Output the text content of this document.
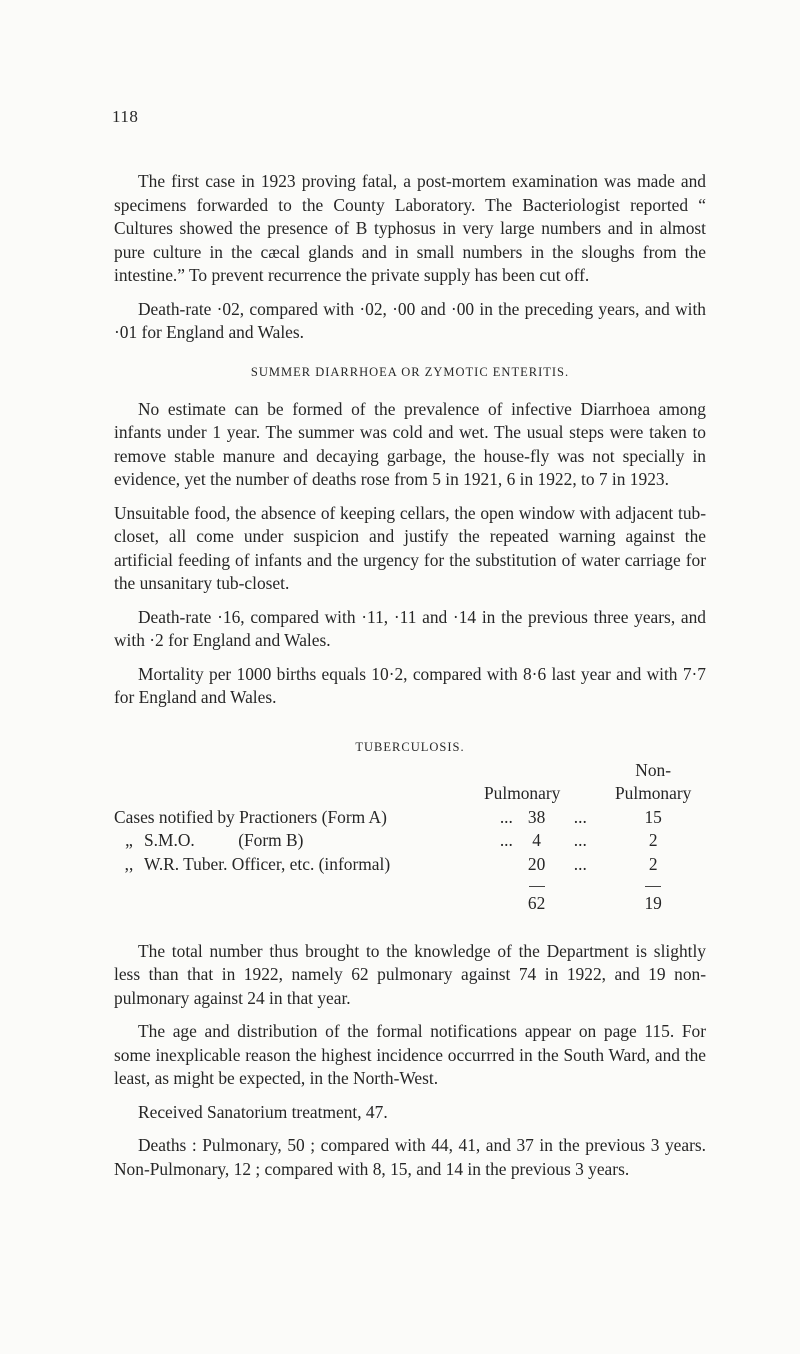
118

The first case in 1923 proving fatal, a post-mortem examination was made and specimens forwarded to the County Laboratory. The Bacteriologist reported “ Cultures showed the presence of B typhosus in very large numbers and in almost pure culture in the cæcal glands and in small numbers in the sloughs from the intestine.” To prevent recurrence the private supply has been cut off.

Death-rate ·02, compared with ·02, ·00 and ·00 in the preceding years, and with ·01 for England and Wales.

SUMMER DIARRHOEA OR ZYMOTIC ENTERITIS.

No estimate can be formed of the prevalence of infective Diarrhoea among infants under 1 year. The summer was cold and wet. The usual steps were taken to remove stable manure and decaying garbage, the house-fly was not specially in evidence, yet the number of deaths rose from 5 in 1921, 6 in 1922, to 7 in 1923.

Unsuitable food, the absence of keeping cellars, the open window with adjacent tub-closet, all come under suspicion and justify the repeated warning against the artificial feeding of infants and the urgency for the substitution of water carriage for the unsanitary tub-closet.

Death-rate ·16, compared with ·11, ·11 and ·14 in the previous three years, and with ·2 for England and Wales.

Mortality per 1000 births equals 10·2, compared with 8·6 last year and with 7·7 for England and Wales.

TUBERCULOSIS.
				Non-
	Pulmonary			Pulmonary
Cases notified by Practioners (Form A)	...	38	...	15
„ S.M.O.          (Form B)	...	4	...	2
,, W.R. Tuber. Officer, etc. (informal)		20	...	2

		62		19

The total number thus brought to the knowledge of the Department is slightly less than that in 1922, namely 62 pulmonary against 74 in 1922, and 19 non-pulmonary against 24 in that year.

The age and distribution of the formal notifications appear on page 115. For some inexplicable reason the highest incidence occurrred in the South Ward, and the least, as might be expected, in the North-West.

Received Sanatorium treatment, 47.

Deaths : Pulmonary, 50 ; compared with 44, 41, and 37 in the previous 3 years. Non-Pulmonary, 12 ; compared with 8, 15, and 14 in the previous 3 years.
